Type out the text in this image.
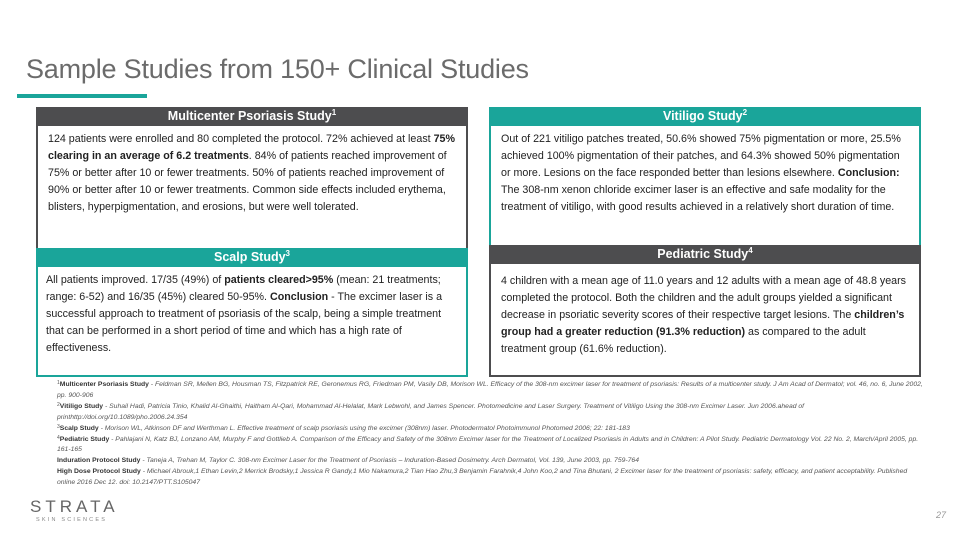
Sample Studies from 150+ Clinical Studies
Multicenter Psoriasis Study$^1$
124 patients were enrolled and 80 completed the protocol. 72% achieved at least 75% clearing in an average of 6.2 treatments. 84% of patients reached improvement of 75% or better after 10 or fewer treatments. 50% of patients reached improvement of 90% or better after 10 or fewer treatments. Common side effects included erythema, blisters, hyperpigmentation, and erosions, but were well tolerated.
Vitiligo Study$^2$
Out of 221 vitiligo patches treated, 50.6% showed 75% pigmentation or more, 25.5% achieved 100% pigmentation of their patches, and 64.3% showed 50% pigmentation or more. Lesions on the face responded better than lesions elsewhere. Conclusion: The 308-nm xenon chloride excimer laser is an effective and safe modality for the treatment of vitiligo, with good results achieved in a relatively short duration of time.
Scalp Study$^3$
All patients improved. 17/35 (49%) of patients cleared>95% (mean: 21 treatments; range: 6-52) and 16/35 (45%) cleared 50-95%. Conclusion - The excimer laser is a successful approach to treatment of psoriasis of the scalp, being a simple treatment that can be performed in a short period of time and which has a high rate of effectiveness.
Pediatric Study$^4$
4 children with a mean age of 11.0 years and 12 adults with a mean age of 48.8 years completed the protocol. Both the children and the adult groups yielded a significant decrease in psoriatic severity scores of their respective target lesions. The children’s group had a greater reduction (91.3% reduction) as compared to the adult treatment group (61.6% reduction).
$^1$Multicenter Psoriasis Study - Feldman SR, Mellen BG, Housman TS, Fitzpatrick RE, Geronemus RG, Friedman PM, Vasily DB, Morison WL. Efficacy of the 308-nm excimer laser for treatment of psoriasis: Results of a multicenter study. J Am Acad of Dermatol; vol. 46, no. 6, June 2002, pp. 900-906
$^2$Vitiligo Study - Suhail Hadi, Patricia Tinio, Khalid Al-Ghaithi, Haitham Al-Qari, Mohammad Al-Helalat, Mark Lebwohl, and James Spencer. Photomedicine and Laser Surgery. Treatment of Vitiligo Using the 308-nm Excimer Laser. Jun 2006.ahead of printhttp://doi.org/10.1089/pho.2006.24.354
$^3$Scalp Study - Morison WL, Atkinson DF and Werthman L. Effective treatment of scalp psoriasis using the excimer (308nm) laser. Photodermatol Photoimmunol Photomed 2006; 22: 181-183
$^4$Pediatric Study - Pahlajani N, Katz BJ, Lonzano AM, Murphy F and Gottlieb A. Comparison of the Efficacy and Safety of the 308nm Excimer laser for the Treatment of Localized Psoriasis in Adults and in Children: A Pilot Study. Pediatric Dermatology Vol. 22 No. 2, March/April 2005, pp. 161-165
Induration Protocol Study - Taneja A, Trehan M, Taylor C. 308-nm Excimer Laser for the Treatment of Psoriasis – Induration-Based Dosimetry. Arch Dermatol, Vol. 139, June 2003, pp. 759-764
High Dose Protocol Study - Michael Abrouk,1 Ethan Levin,2 Merrick Brodsky,1 Jessica R Gandy,1 Mio Nakamura,2 Tian Hao Zhu,3 Benjamin Farahnik,4 John Koo,2 and Tina Bhutani, 2 Excimer laser for the treatment of psoriasis: safety, efficacy, and patient acceptability. Published online 2016 Dec 12. doi: 10.2147/PTT.S105047
STRATA
SKIN SCIENCES	27
